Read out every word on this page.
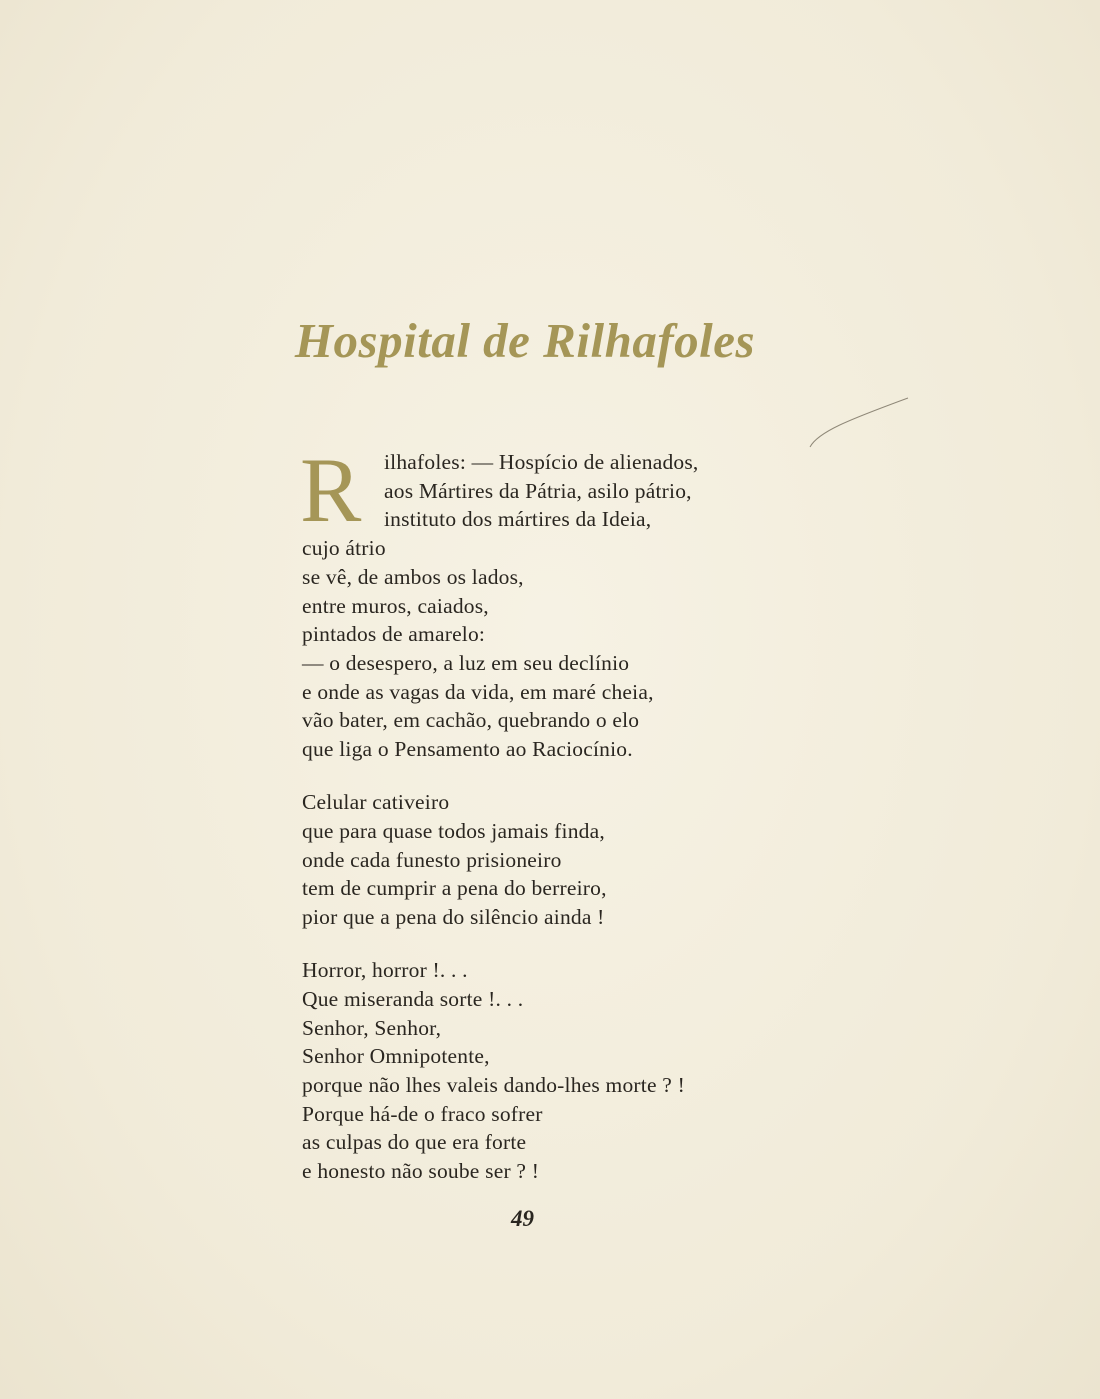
Hospital de Rilhafoles
R	ilhafoles: — Hospício de alienados,
aos Mártires da Pátria, asilo pátrio,
instituto dos mártires da Ideia,
cujo átrio
se vê, de ambos os lados,
entre muros, caiados,
pintados de amarelo:
— o desespero, a luz em seu declínio
e onde as vagas da vida, em maré cheia,
vão bater, em cachão, quebrando o elo
que liga o Pensamento ao Raciocínio.
Celular cativeiro
que para quase todos jamais finda,
onde cada funesto prisioneiro
tem de cumprir a pena do berreiro,
pior que a pena do silêncio ainda !
Horror, horror !. . .
Que miseranda sorte !. . .
Senhor, Senhor,
Senhor Omnipotente,
porque não lhes valeis dando-lhes morte ? !
Porque há-de o fraco sofrer
as culpas do que era forte
e honesto não soube ser ? !
49
